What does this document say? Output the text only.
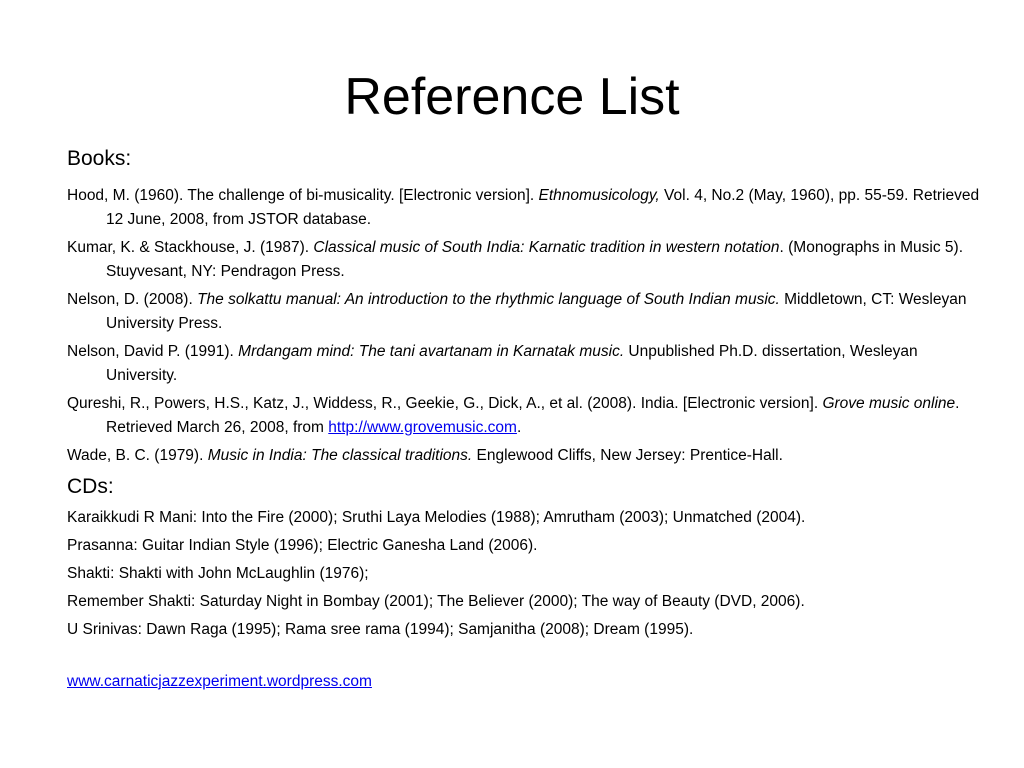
Reference List
Books:
Hood, M. (1960). The challenge of bi-musicality. [Electronic version]. Ethnomusicology, Vol. 4, No.2 (May, 1960), pp. 55-59. Retrieved 12 June, 2008, from JSTOR database.
Kumar, K. & Stackhouse, J. (1987). Classical music of South India: Karnatic tradition in western notation. (Monographs in Music 5). Stuyvesant, NY: Pendragon Press.
Nelson, D. (2008). The solkattu manual: An introduction to the rhythmic language of South Indian music. Middletown, CT: Wesleyan University Press.
Nelson, David P. (1991). Mrdangam mind: The tani avartanam in Karnatak music. Unpublished Ph.D. dissertation, Wesleyan University.
Qureshi, R., Powers, H.S., Katz, J., Widdess, R., Geekie, G., Dick, A., et al. (2008). India. [Electronic version]. Grove music online. Retrieved March 26, 2008, from http://www.grovemusic.com.
Wade, B. C. (1979). Music in India: The classical traditions. Englewood Cliffs, New Jersey: Prentice-Hall.
CDs:
Karaikkudi R Mani: Into the Fire (2000); Sruthi Laya Melodies (1988); Amrutham (2003); Unmatched (2004).
Prasanna: Guitar Indian Style (1996); Electric Ganesha Land (2006).
Shakti: Shakti with John McLaughlin (1976);
Remember Shakti: Saturday Night in Bombay (2001); The Believer (2000); The way of Beauty (DVD, 2006).
U Srinivas: Dawn Raga (1995); Rama sree rama (1994); Samjanitha (2008); Dream (1995).
www.carnaticjazzexperiment.wordpress.com
